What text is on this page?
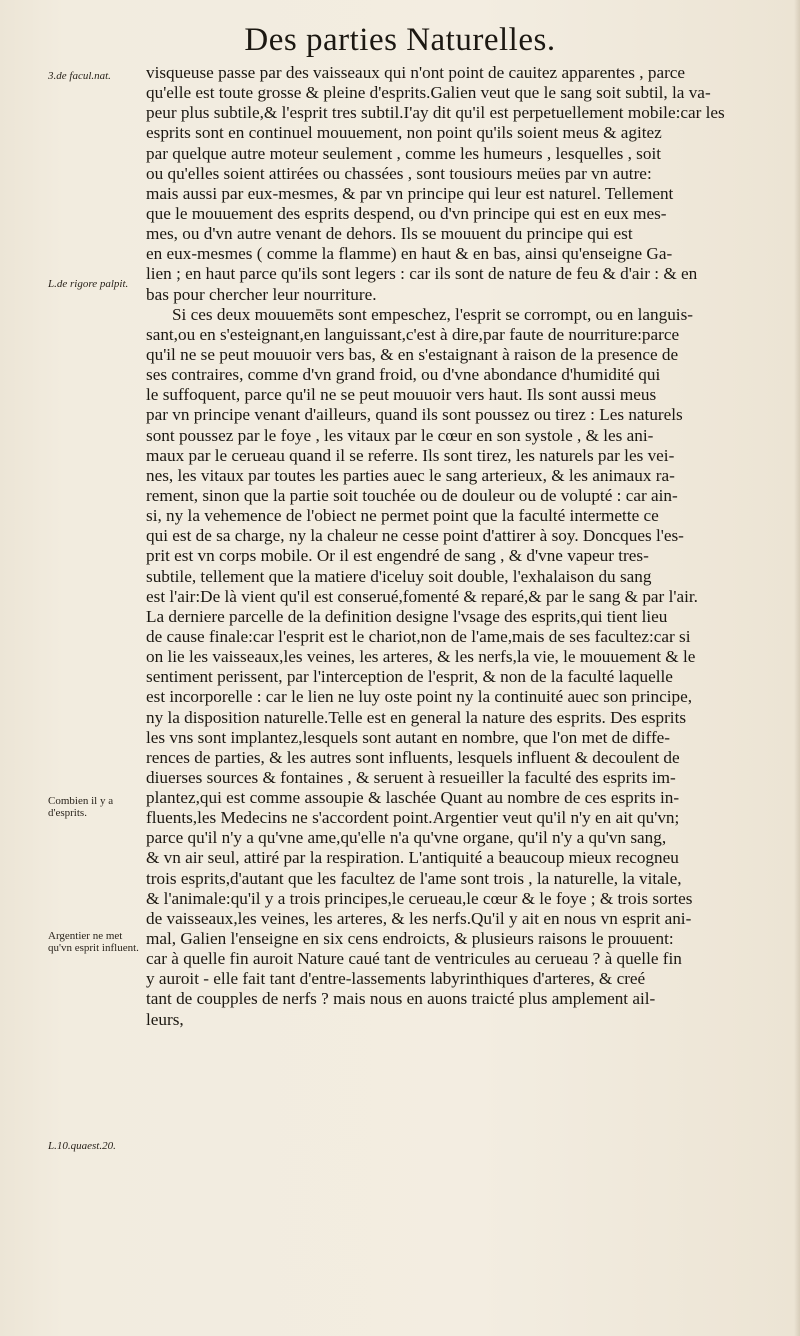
Des parties Naturelles.
3.de facul.nat.
L.de rigore palpit.
Combien il y a d'esprits.
Argentier ne met qu'vn esprit influent.
L.10.quaest.20.
visqueuse passe par des vaisseaux qui n'ont point de cauitez apparentes , parce
qu'elle est toute grosse & pleine d'esprits.Galien veut que le sang soit subtil, la va-
peur plus subtile,& l'esprit tres subtil.I'ay dit qu'il est perpetuellement mobile:car les
esprits sont en continuel mouuement, non point qu'ils soient meus & agitez
par quelque autre moteur seulement , comme les humeurs , lesquelles , soit
ou qu'elles soient attirées ou chassées , sont tousiours meües par vn autre:
mais aussi par eux-mesmes, & par vn principe qui leur est naturel. Tellement
que le mouuement des esprits despend, ou d'vn principe qui est en eux mes-
mes, ou d'vn autre venant de dehors. Ils se mouuent du principe qui est
en eux-mesmes ( comme la flamme) en haut & en bas, ainsi qu'enseigne Ga-
lien ; en haut parce qu'ils sont legers : car ils sont de nature de feu & d'air : & en
bas pour chercher leur nourriture.
Si ces deux mouuemēts sont empeschez, l'esprit se corrompt, ou en languis-
sant,ou en s'esteignant,en languissant,c'est à dire,par faute de nourriture:parce
qu'il ne se peut mouuoir vers bas, & en s'estaignant à raison de la presence de
ses contraires, comme d'vn grand froid, ou d'vne abondance d'humidité qui
le suffoquent, parce qu'il ne se peut mouuoir vers haut. Ils sont aussi meus
par vn principe venant d'ailleurs, quand ils sont poussez ou tirez : Les naturels
sont poussez par le foye , les vitaux par le cœur en son systole , & les ani-
maux par le cerueau quand il se referre. Ils sont tirez, les naturels par les vei-
nes, les vitaux par toutes les parties auec le sang arterieux, & les animaux ra-
rement, sinon que la partie soit touchée ou de douleur ou de volupté : car ain-
si, ny la vehemence de l'obiect ne permet point que la faculté intermette ce
qui est de sa charge, ny la chaleur ne cesse point d'attirer à soy. Doncques l'es-
prit est vn corps mobile. Or il est engendré de sang , & d'vne vapeur tres-
subtile, tellement que la matiere d'iceluy soit double, l'exhalaison du sang
est l'air:De là vient qu'il est conserué,fomenté & reparé,& par le sang & par l'air.
La derniere parcelle de la definition designe l'vsage des esprits,qui tient lieu
de cause finale:car l'esprit est le chariot,non de l'ame,mais de ses facultez:car si
on lie les vaisseaux,les veines, les arteres, & les nerfs,la vie, le mouuement & le
sentiment perissent, par l'interception de l'esprit, & non de la faculté laquelle
est incorporelle : car le lien ne luy oste point ny la continuité auec son principe,
ny la disposition naturelle.Telle est en general la nature des esprits. Des esprits
les vns sont implantez,lesquels sont autant en nombre, que l'on met de diffe-
rences de parties, & les autres sont influents, lesquels influent & decoulent de
diuerses sources & fontaines , & seruent à resueiller la faculté des esprits im-
plantez,qui est comme assoupie & laschée Quant au nombre de ces esprits in-
fluents,les Medecins ne s'accordent point.Argentier veut qu'il n'y en ait qu'vn;
parce qu'il n'y a qu'vne ame,qu'elle n'a qu'vne organe, qu'il n'y a qu'vn sang,
& vn air seul, attiré par la respiration. L'antiquité a beaucoup mieux recogneu
trois esprits,d'autant que les facultez de l'ame sont trois , la naturelle, la vitale,
& l'animale:qu'il y a trois principes,le cerueau,le cœur & le foye ; & trois sortes
de vaisseaux,les veines, les arteres, & les nerfs.Qu'il y ait en nous vn esprit ani-
mal, Galien l'enseigne en six cens endroicts, & plusieurs raisons le prouuent:
car à quelle fin auroit Nature caué tant de ventricules au cerueau ? à quelle fin
y auroit - elle fait tant d'entre-lassements labyrinthiques d'arteres, & creé
tant de coupples de nerfs ? mais nous en auons traicté plus amplement ail-
leurs,
